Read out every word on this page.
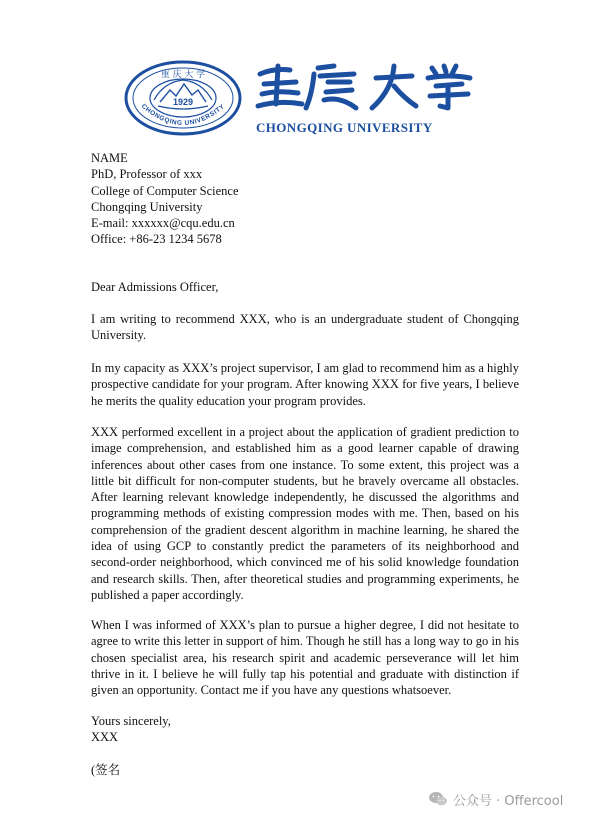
1929
重 庆 大 学
CHONGQING UNIVERSITY
CHONGQING UNIVERSITY
NAME
PhD, Professor of xxx
College of Computer Science
Chongqing University
E-mail: xxxxxx@cqu.edu.cn
Office: +86-23 1234 5678
Dear Admissions Officer,
I am writing to recommend XXX, who is an undergraduate student of Chongqing University.
In my capacity as XXX’s project supervisor, I am glad to recommend him as a highly prospective candidate for your program. After knowing XXX for five years, I believe he merits the quality education your program provides.
XXX performed excellent in a project about the application of gradient prediction to image comprehension, and established him as a good learner capable of drawing inferences about other cases from one instance. To some extent, this project was a little bit difficult for non-computer students, but he bravely overcame all obstacles. After learning relevant knowledge independently, he discussed the algorithms and programming methods of existing compression modes with me. Then, based on his comprehension of the gradient descent algorithm in machine learning, he shared the idea of using GCP to constantly predict the parameters of its neighborhood and second-order neighborhood, which convinced me of his solid knowledge foundation and research skills. Then, after theoretical studies and programming experiments, he published a paper accordingly.
When I was informed of XXX’s plan to pursue a higher degree, I did not hesitate to agree to write this letter in support of him. Though he still has a long way to go in his chosen specialist area, his research spirit and academic perseverance will let him thrive in it. I believe he will fully tap his potential and graduate with distinction if given an opportunity. Contact me if you have any questions whatsoever.
Yours sincerely,
XXX
(签名
公众号 · Offercool
